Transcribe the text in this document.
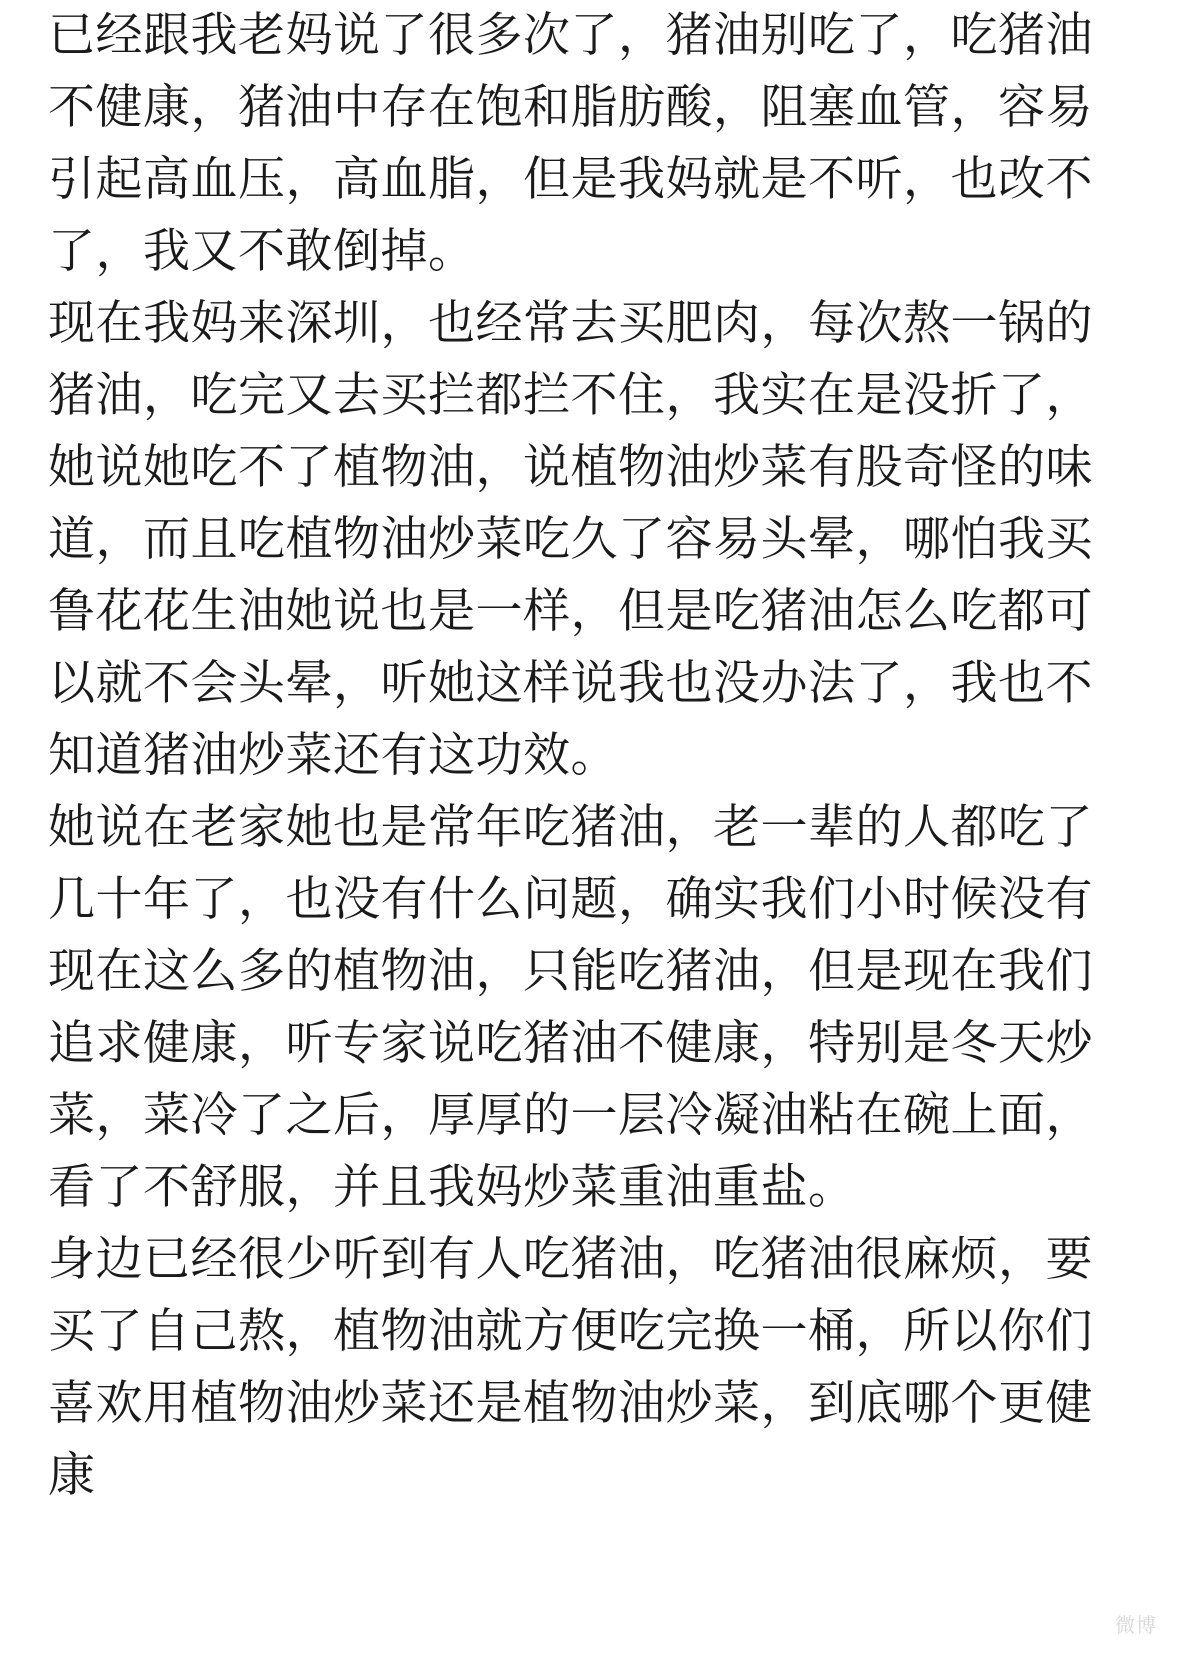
已经跟我老妈说了很多次了，猪油别吃了，吃猪油
不健康，猪油中存在饱和脂肪酸，阻塞血管，容易
引起高血压，高血脂，但是我妈就是不听，也改不
了，我又不敢倒掉。
现在我妈来深圳，也经常去买肥肉，每次熬一锅的
猪油，吃完又去买拦都拦不住，我实在是没折了，
她说她吃不了植物油，说植物油炒菜有股奇怪的味
道，而且吃植物油炒菜吃久了容易头晕，哪怕我买
鲁花花生油她说也是一样，但是吃猪油怎么吃都可
以就不会头晕，听她这样说我也没办法了，我也不
知道猪油炒菜还有这功效。
她说在老家她也是常年吃猪油，老一辈的人都吃了
几十年了，也没有什么问题，确实我们小时候没有
现在这么多的植物油，只能吃猪油，但是现在我们
追求健康，听专家说吃猪油不健康，特别是冬天炒
菜，菜冷了之后，厚厚的一层冷凝油粘在碗上面，
看了不舒服，并且我妈炒菜重油重盐。
身边已经很少听到有人吃猪油，吃猪油很麻烦，要
买了自己熬，植物油就方便吃完换一桶，所以你们
喜欢用植物油炒菜还是植物油炒菜，到底哪个更健
康
微博
